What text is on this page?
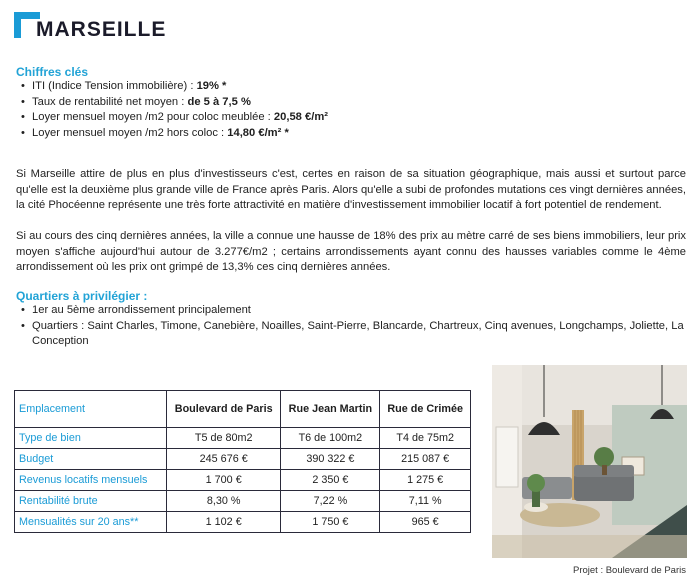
MARSEILLE
Chiffres clés
• ITI (Indice Tension immobilière) : 19% *
• Taux de rentabilité net moyen : de 5 à 7,5 %
• Loyer mensuel moyen /m2 pour coloc meublée : 20,58 €/m²
• Loyer mensuel moyen /m2 hors coloc : 14,80 €/m² *

Si Marseille attire de plus en plus d'investisseurs c'est, certes en raison de sa situation géographique, mais aussi et surtout parce qu'elle est la deuxième plus grande ville de France après Paris. Alors qu'elle a subi de profondes mutations ces vingt dernières années, la cité Phocéenne représente une très forte attractivité en matière d'investissement immobilier locatif à fort potentiel de rendement.

Si au cours des cinq dernières années, la ville a connue une hausse de 18% des prix au mètre carré de ses biens immobiliers, leur prix moyen s'affiche aujourd'hui autour de 3.277€/m2 ; certains arrondissements ayant connu des hausses variables comme le 4ème arrondissement où les prix ont grimpé de 13,3% ces cinq dernières années.

Quartiers à privilégier :
• 1er au 5ème arrondissement principalement
• Quartiers : Saint Charles, Timone, Canebière, Noailles, Saint-Pierre, Blancarde, Chartreux, Cinq avenues, Longchamps, Joliette, La Conception
Emplacement	Boulevard de Paris	Rue Jean Martin	Rue de Crimée
Type de bien	T5 de 80m2	T6 de 100m2	T4 de 75m2
Budget	245 676 €	390 322 €	215 087 €
Revenus locatifs mensuels	1 700 €	2 350 €	1 275 €
Rentabilité brute	8,30 %	7,22 %	7,11 %
Mensualités sur 20 ans**	1 102 €	1 750 €	965 €
Projet : Boulevard de Paris
